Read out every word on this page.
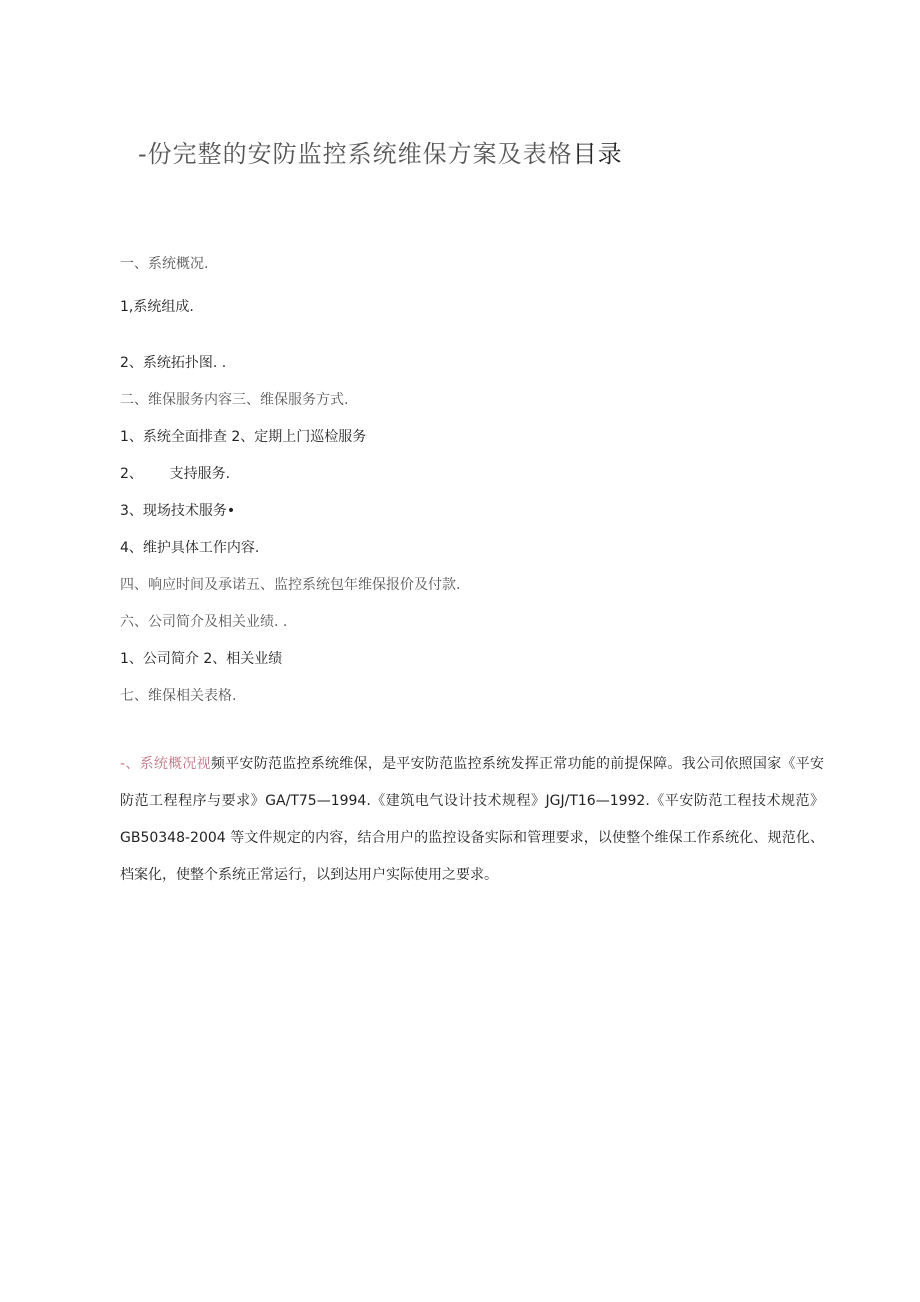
-份完整的安防监控系统维保方案及表格目录
一、系统概况.
1,系统组成.
2、系统拓扑图. .
二、维保服务内容三、维保服务方式.
1、系统全面排查 2、定期上门巡检服务
2、      支持服务.
3、现场技术服务•
4、维护具体工作内容.
四、响应时间及承诺五、监控系统包年维保报价及付款.
六、公司简介及相关业绩. .
1、公司简介 2、相关业绩
七、维保相关表格.
-、系统概况视频平安防范监控系统维保，是平安防范监控系统发挥正常功能的前提保障。我公司依照国家《平安防范工程程序与要求》GA/T75—1994.《建筑电气设计技术规程》JGJ/T16—1992.《平安防范工程技术规范》GB50348-2004 等文件规定的内容，结合用户的监控设备实际和管理要求，以使整个维保工作系统化、规范化、档案化，使整个系统正常运行，以到达用户实际使用之要求。
